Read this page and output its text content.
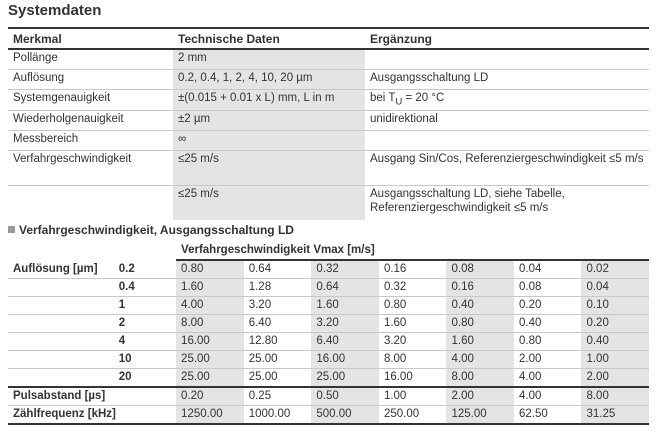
Systemdaten
Merkmal	Technische Daten	Ergänzung
Pollänge	2 mm	
Auflösung	0.2, 0.4, 1, 2, 4, 10, 20 µm	Ausgangsschaltung LD
Systemgenauigkeit	±(0.015 + 0.01 x L) mm, L in m	bei $T_U = 20$ °C
Wiederholgenauigkeit	±2 µm	unidirektional
Messbereich	∞	
Verfahrgeschwindigkeit	≤25 m/s	Ausgang Sin/Cos, Referenziergeschwindigkeit ≤5 m/s
	≤25 m/s	Ausgangsschaltung LD, siehe Tabelle, Referenziergeschwindigkeit ≤5 m/s
Verfahrgeschwindigkeit, Ausgangsschaltung LD
		Verfahrgeschwindigkeit Vmax [m/s]						
Auflösung [µm]	0.2	0.80	0.64	0.32	0.16	0.08	0.04	0.02
	0.4	1.60	1.28	0.64	0.32	0.16	0.08	0.04
	1	4.00	3.20	1.60	0.80	0.40	0.20	0.10
	2	8.00	6.40	3.20	1.60	0.80	0.40	0.20
	4	16.00	12.80	6.40	3.20	1.60	0.80	0.40
	10	25.00	25.00	16.00	8.00	4.00	2.00	1.00
	20	25.00	25.00	25.00	16.00	8.00	4.00	2.00
Pulsabstand [µs]		0.20	0.25	0.50	1.00	2.00	4.00	8.00
Zählfrequenz [kHz]		1250.00	1000.00	500.00	250.00	125.00	62.50	31.25
